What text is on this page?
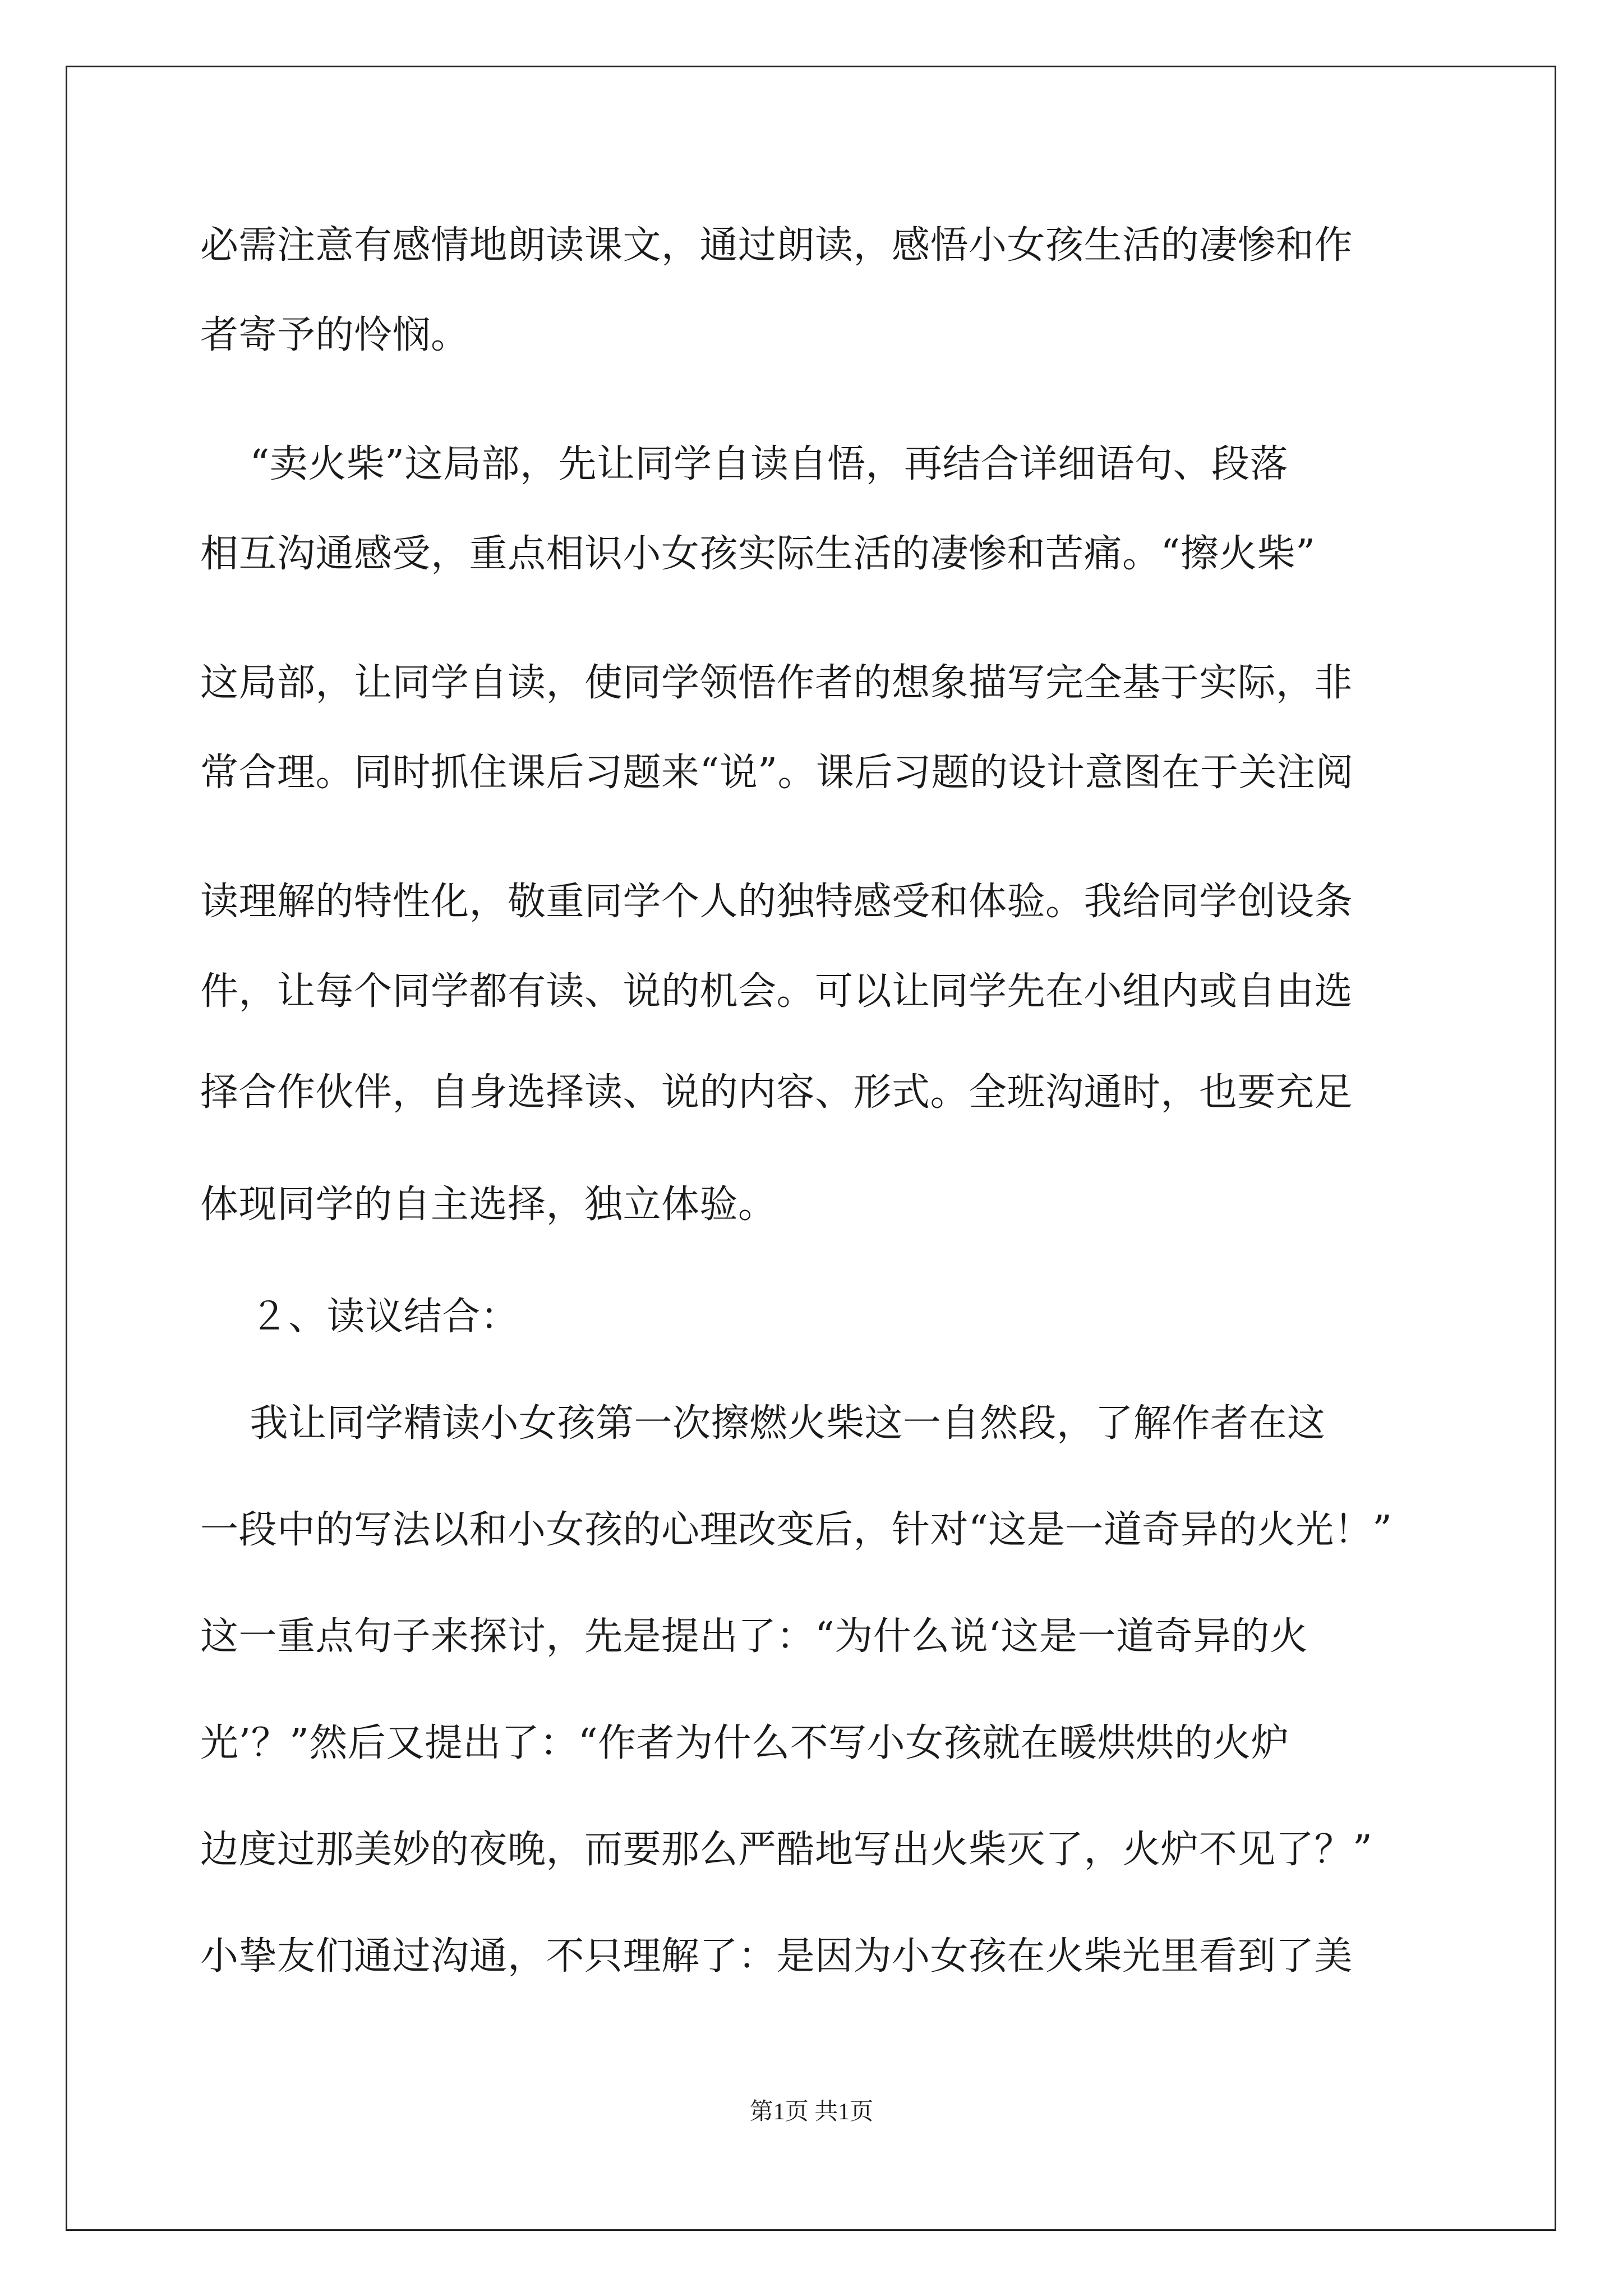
必需注意有感情地朗读课文，通过朗读，感悟小女孩生活的凄惨和作
者寄予的怜悯。
“卖火柴”这局部，先让同学自读自悟，再结合详细语句、段落
相互沟通感受，重点相识小女孩实际生活的凄惨和苦痛。“擦火柴”
这局部，让同学自读，使同学领悟作者的想象描写完全基于实际，非
常合理。同时抓住课后习题来“说”。课后习题的设计意图在于关注阅
读理解的特性化，敬重同学个人的独特感受和体验。我给同学创设条
件，让每个同学都有读、说的机会。可以让同学先在小组内或自由选
择合作伙伴，自身选择读、说的内容、形式。全班沟通时，也要充足
体现同学的自主选择，独立体验。
２、读议结合：
我让同学精读小女孩第一次擦燃火柴这一自然段，了解作者在这
一段中的写法以和小女孩的心理改变后，针对“这是一道奇异的火光！”
这一重点句子来探讨，先是提出了：“为什么说‘这是一道奇异的火
光’？”然后又提出了：“作者为什么不写小女孩就在暖烘烘的火炉
边度过那美妙的夜晚，而要那么严酷地写出火柴灭了，火炉不见了？”
小挚友们通过沟通，不只理解了：是因为小女孩在火柴光里看到了美
第1页 共1页
